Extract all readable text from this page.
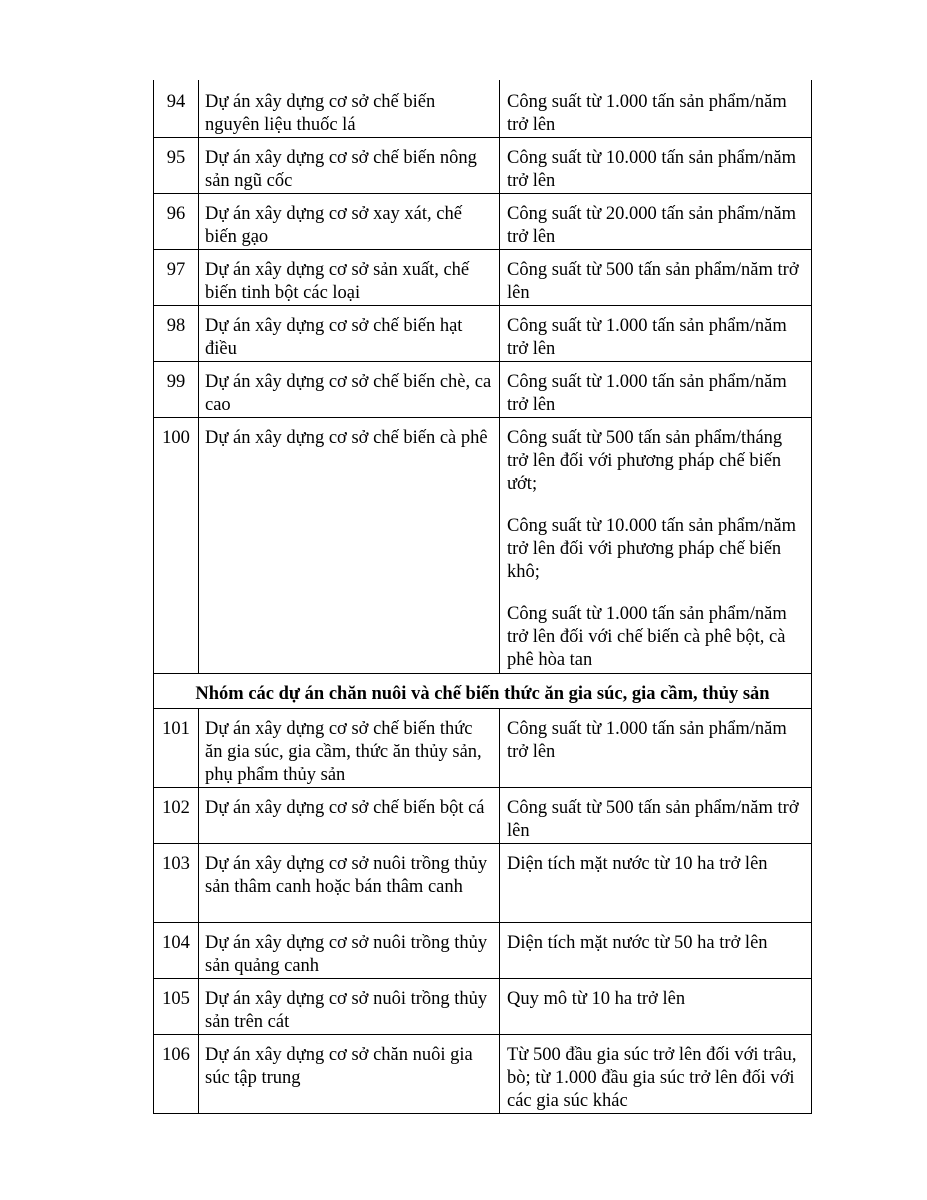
94	Dự án xây dựng cơ sở chế biến nguyên liệu thuốc lá	Công suất từ 1.000 tấn sản phẩm/năm trở lên

95	Dự án xây dựng cơ sở chế biến nông sản ngũ cốc	Công suất từ 10.000 tấn sản phẩm/năm trở lên

96	Dự án xây dựng cơ sở xay xát, chế biến gạo	Công suất từ 20.000 tấn sản phẩm/năm trở lên

97	Dự án xây dựng cơ sở sản xuất, chế biến tinh bột các loại	Công suất từ 500 tấn sản phẩm/năm trở lên

98	Dự án xây dựng cơ sở chế biến hạt điều	Công suất từ 1.000 tấn sản phẩm/năm trở lên

99	Dự án xây dựng cơ sở chế biến chè, ca cao	Công suất từ 1.000 tấn sản phẩm/năm trở lên

100	Dự án xây dựng cơ sở chế biến cà phê	Công suất từ 500 tấn sản phẩm/tháng trở lên đối với phương pháp chế biến ướt;
Công suất từ 10.000 tấn sản phẩm/năm trở lên đối với phương pháp chế biến khô;
Công suất từ 1.000 tấn sản phẩm/năm trở lên đối với chế biến cà phê bột, cà phê hòa tan

Nhóm các dự án chăn nuôi và chế biến thức ăn gia súc, gia cầm, thủy sản		
101	Dự án xây dựng cơ sở chế biến thức ăn gia súc, gia cầm, thức ăn thủy sản, phụ phẩm thủy sản	Công suất từ 1.000 tấn sản phẩm/năm trở lên

102	Dự án xây dựng cơ sở chế biến bột cá	Công suất từ 500 tấn sản phẩm/năm trở lên

103	Dự án xây dựng cơ sở nuôi trồng thủy sản thâm canh hoặc bán thâm canh	Diện tích mặt nước từ 10 ha trở lên

104	Dự án xây dựng cơ sở nuôi trồng thủy sản quảng canh	Diện tích mặt nước từ 50 ha trở lên

105	Dự án xây dựng cơ sở nuôi trồng thủy sản trên cát	Quy mô từ 10 ha trở lên

106	Dự án xây dựng cơ sở chăn nuôi gia súc tập trung	Từ 500 đầu gia súc trở lên đối với trâu, bò; từ 1.000 đầu gia súc trở lên đối với các gia súc khác
